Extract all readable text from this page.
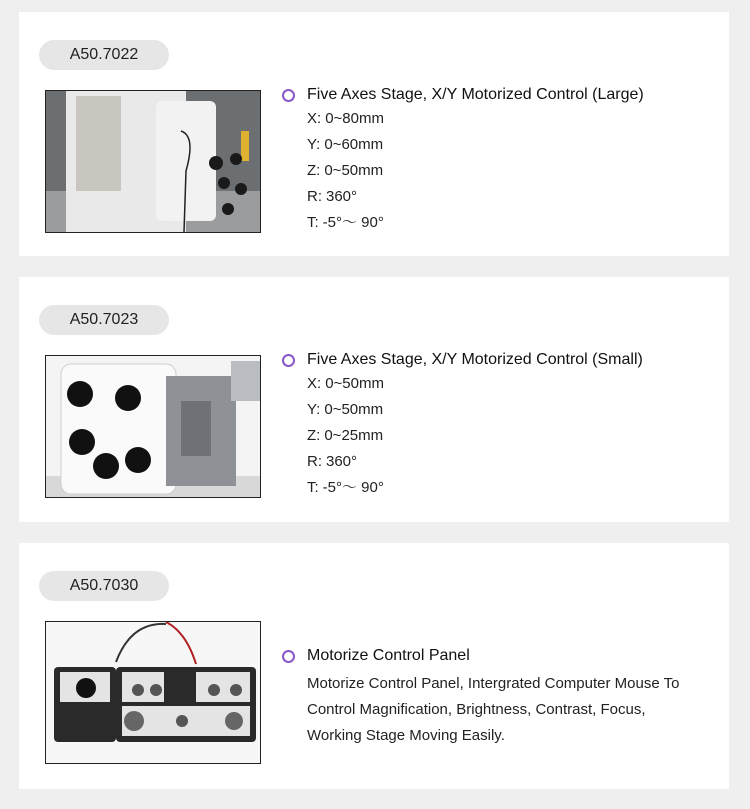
A50.7022
Five Axes Stage, X/Y Motorized Control (Large)
X: 0~80mm
Y: 0~60mm
Z: 0~50mm
R: 360°
T: -5°～ 90°
A50.7023
Five Axes Stage, X/Y Motorized Control (Small)
X: 0~50mm
Y: 0~50mm
Z: 0~25mm
R: 360°
T: -5°～ 90°
A50.7030
Motorize Control Panel
Motorize Control Panel, Intergrated Computer Mouse To
Control Magnification, Brightness, Contrast, Focus,
Working Stage Moving Easily.
